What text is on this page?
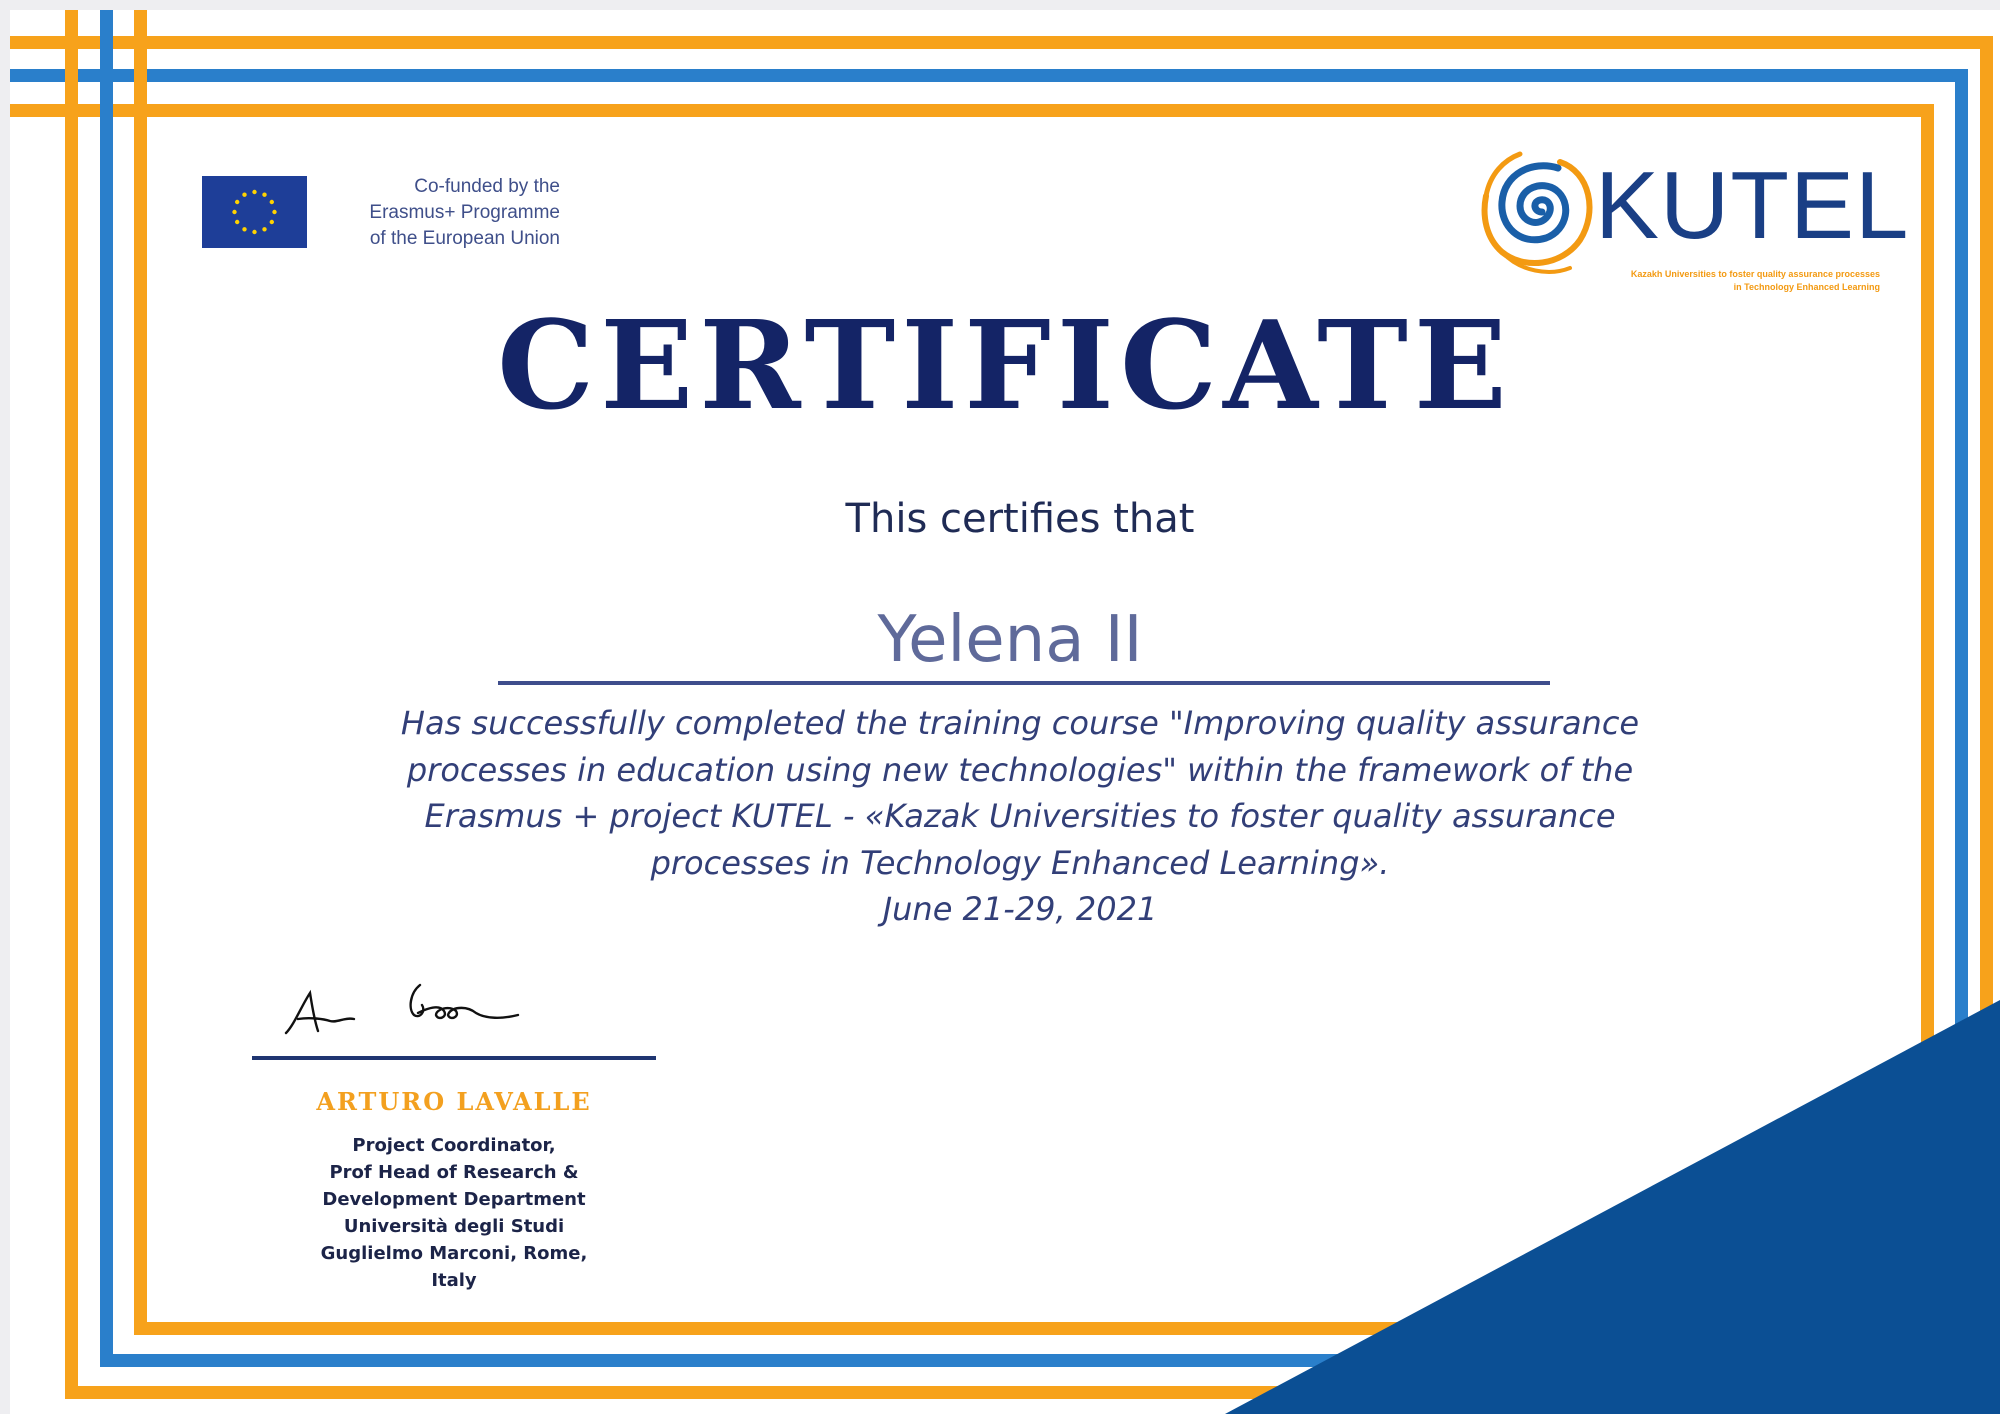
Co-funded by the
Erasmus+ Programme
of the European Union	KUTEL
Kazakh Universities to foster quality assurance processes
in Technology Enhanced Learning
CERTIFICATE
This certifies that
Yelena II
Has successfully completed the training course "Improving quality assurance
processes in education using new technologies" within the framework of the
Erasmus + project KUTEL - «Kazak Universities to foster quality assurance
processes in Technology Enhanced Learning».
June 21-29, 2021
ARTURO LAVALLE
Project Coordinator,
Prof Head of Research &
Development Department
Università degli Studi
Guglielmo Marconi, Rome,
Italy
